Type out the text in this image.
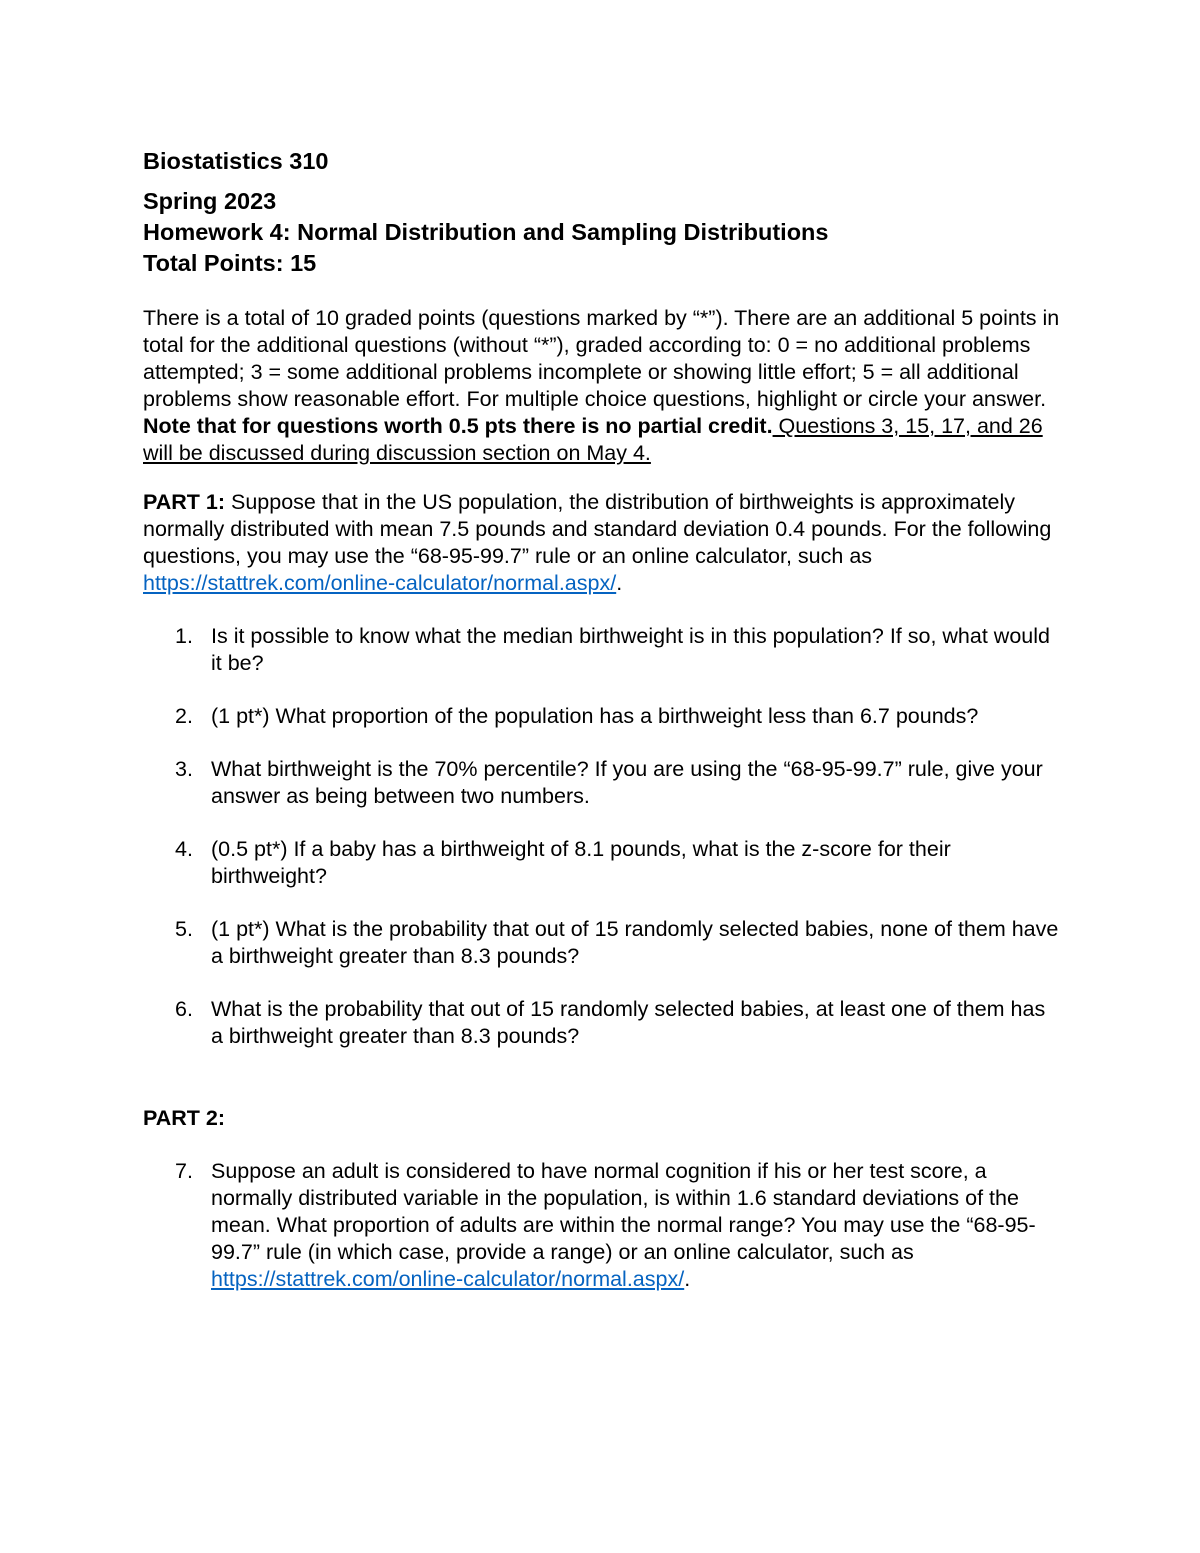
Biostatistics 310
Spring 2023
Homework 4: Normal Distribution and Sampling Distributions
Total Points: 15
There is a total of 10 graded points (questions marked by “*”). There are an additional 5 points in total for the additional questions (without “*”), graded according to: 0 = no additional problems attempted; 3 = some additional problems incomplete or showing little effort; 5 = all additional problems show reasonable effort. For multiple choice questions, highlight or circle your answer. Note that for questions worth 0.5 pts there is no partial credit. Questions 3, 15, 17, and 26 will be discussed during discussion section on May 4.
PART 1: Suppose that in the US population, the distribution of birthweights is approximately normally distributed with mean 7.5 pounds and standard deviation 0.4 pounds. For the following questions, you may use the “68-95-99.7” rule or an online calculator, such as https://stattrek.com/online-calculator/normal.aspx/.
1. Is it possible to know what the median birthweight is in this population? If so, what would it be?
2. (1 pt*) What proportion of the population has a birthweight less than 6.7 pounds?
3. What birthweight is the 70% percentile? If you are using the “68-95-99.7” rule, give your answer as being between two numbers.
4. (0.5 pt*) If a baby has a birthweight of 8.1 pounds, what is the z-score for their birthweight?
5. (1 pt*) What is the probability that out of 15 randomly selected babies, none of them have a birthweight greater than 8.3 pounds?
6. What is the probability that out of 15 randomly selected babies, at least one of them has a birthweight greater than 8.3 pounds?
PART 2:
7. Suppose an adult is considered to have normal cognition if his or her test score, a normally distributed variable in the population, is within 1.6 standard deviations of the mean. What proportion of adults are within the normal range? You may use the “68-95-99.7” rule (in which case, provide a range) or an online calculator, such as https://stattrek.com/online-calculator/normal.aspx/.
